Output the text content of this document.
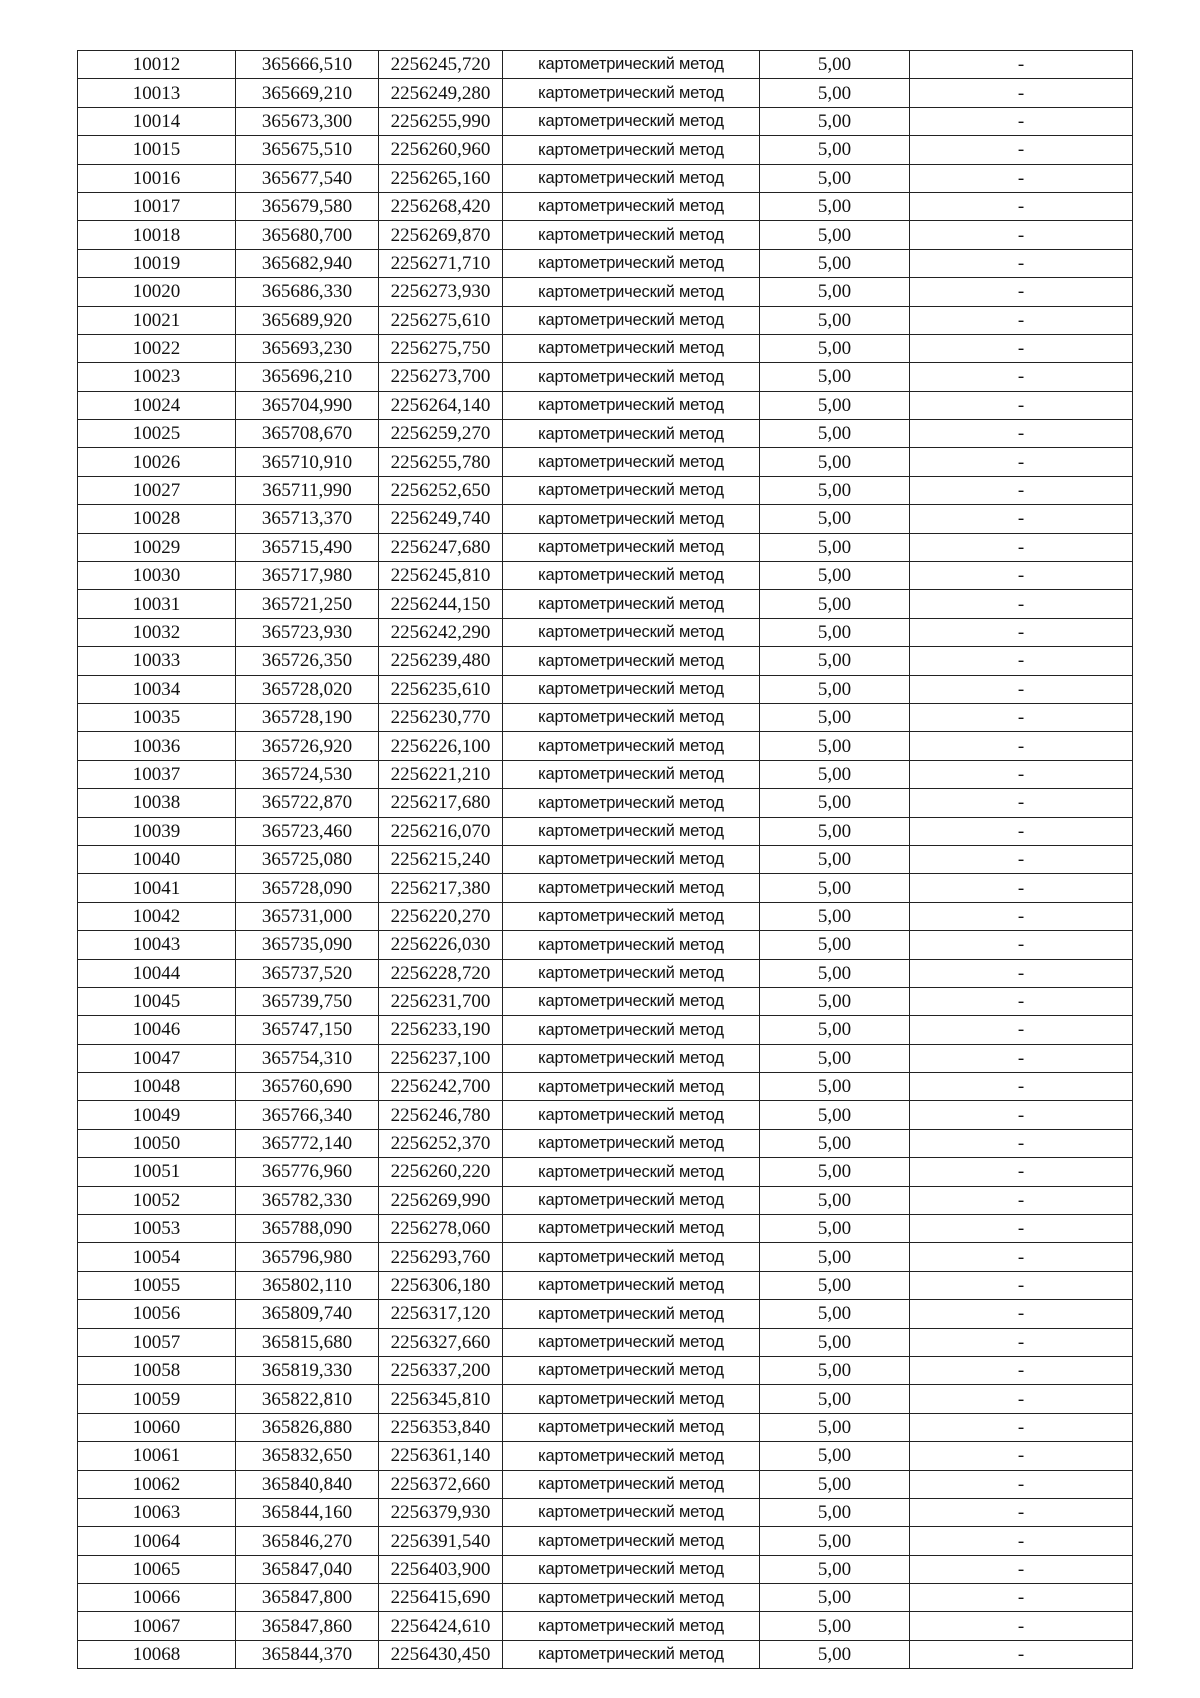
10012	365666,510	2256245,720	картометрический метод	5,00	-
10013	365669,210	2256249,280	картометрический метод	5,00	-
10014	365673,300	2256255,990	картометрический метод	5,00	-
10015	365675,510	2256260,960	картометрический метод	5,00	-
10016	365677,540	2256265,160	картометрический метод	5,00	-
10017	365679,580	2256268,420	картометрический метод	5,00	-
10018	365680,700	2256269,870	картометрический метод	5,00	-
10019	365682,940	2256271,710	картометрический метод	5,00	-
10020	365686,330	2256273,930	картометрический метод	5,00	-
10021	365689,920	2256275,610	картометрический метод	5,00	-
10022	365693,230	2256275,750	картометрический метод	5,00	-
10023	365696,210	2256273,700	картометрический метод	5,00	-
10024	365704,990	2256264,140	картометрический метод	5,00	-
10025	365708,670	2256259,270	картометрический метод	5,00	-
10026	365710,910	2256255,780	картометрический метод	5,00	-
10027	365711,990	2256252,650	картометрический метод	5,00	-
10028	365713,370	2256249,740	картометрический метод	5,00	-
10029	365715,490	2256247,680	картометрический метод	5,00	-
10030	365717,980	2256245,810	картометрический метод	5,00	-
10031	365721,250	2256244,150	картометрический метод	5,00	-
10032	365723,930	2256242,290	картометрический метод	5,00	-
10033	365726,350	2256239,480	картометрический метод	5,00	-
10034	365728,020	2256235,610	картометрический метод	5,00	-
10035	365728,190	2256230,770	картометрический метод	5,00	-
10036	365726,920	2256226,100	картометрический метод	5,00	-
10037	365724,530	2256221,210	картометрический метод	5,00	-
10038	365722,870	2256217,680	картометрический метод	5,00	-
10039	365723,460	2256216,070	картометрический метод	5,00	-
10040	365725,080	2256215,240	картометрический метод	5,00	-
10041	365728,090	2256217,380	картометрический метод	5,00	-
10042	365731,000	2256220,270	картометрический метод	5,00	-
10043	365735,090	2256226,030	картометрический метод	5,00	-
10044	365737,520	2256228,720	картометрический метод	5,00	-
10045	365739,750	2256231,700	картометрический метод	5,00	-
10046	365747,150	2256233,190	картометрический метод	5,00	-
10047	365754,310	2256237,100	картометрический метод	5,00	-
10048	365760,690	2256242,700	картометрический метод	5,00	-
10049	365766,340	2256246,780	картометрический метод	5,00	-
10050	365772,140	2256252,370	картометрический метод	5,00	-
10051	365776,960	2256260,220	картометрический метод	5,00	-
10052	365782,330	2256269,990	картометрический метод	5,00	-
10053	365788,090	2256278,060	картометрический метод	5,00	-
10054	365796,980	2256293,760	картометрический метод	5,00	-
10055	365802,110	2256306,180	картометрический метод	5,00	-
10056	365809,740	2256317,120	картометрический метод	5,00	-
10057	365815,680	2256327,660	картометрический метод	5,00	-
10058	365819,330	2256337,200	картометрический метод	5,00	-
10059	365822,810	2256345,810	картометрический метод	5,00	-
10060	365826,880	2256353,840	картометрический метод	5,00	-
10061	365832,650	2256361,140	картометрический метод	5,00	-
10062	365840,840	2256372,660	картометрический метод	5,00	-
10063	365844,160	2256379,930	картометрический метод	5,00	-
10064	365846,270	2256391,540	картометрический метод	5,00	-
10065	365847,040	2256403,900	картометрический метод	5,00	-
10066	365847,800	2256415,690	картометрический метод	5,00	-
10067	365847,860	2256424,610	картометрический метод	5,00	-
10068	365844,370	2256430,450	картометрический метод	5,00	-
